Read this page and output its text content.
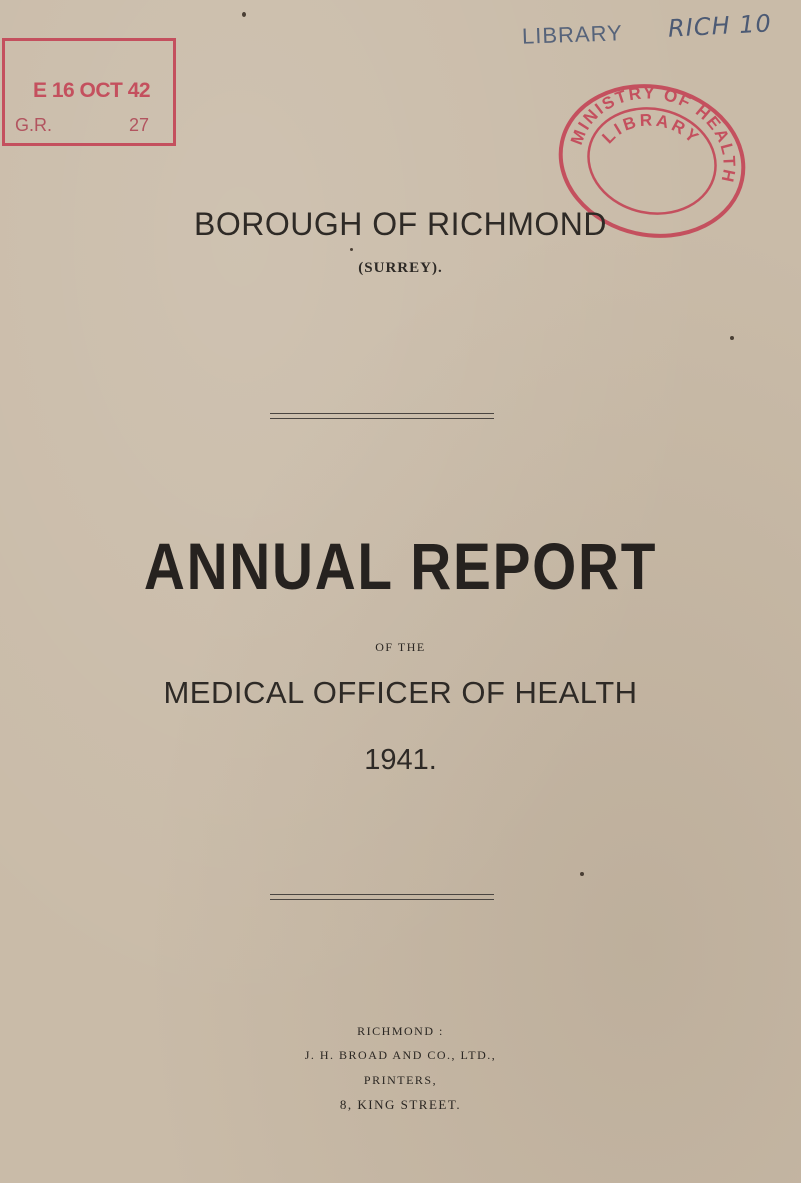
E 16 OCT 42
G.R.	27
LIBRARY RICH 10
MINISTRY OF HEALTH
LIBRARY
BOROUGH OF RICHMOND
(SURREY).
ANNUAL REPORT
OF THE
MEDICAL OFFICER OF HEALTH
1941.
RICHMOND :
J. H. BROAD AND CO., LTD.,
PRINTERS,
8, KING STREET.
